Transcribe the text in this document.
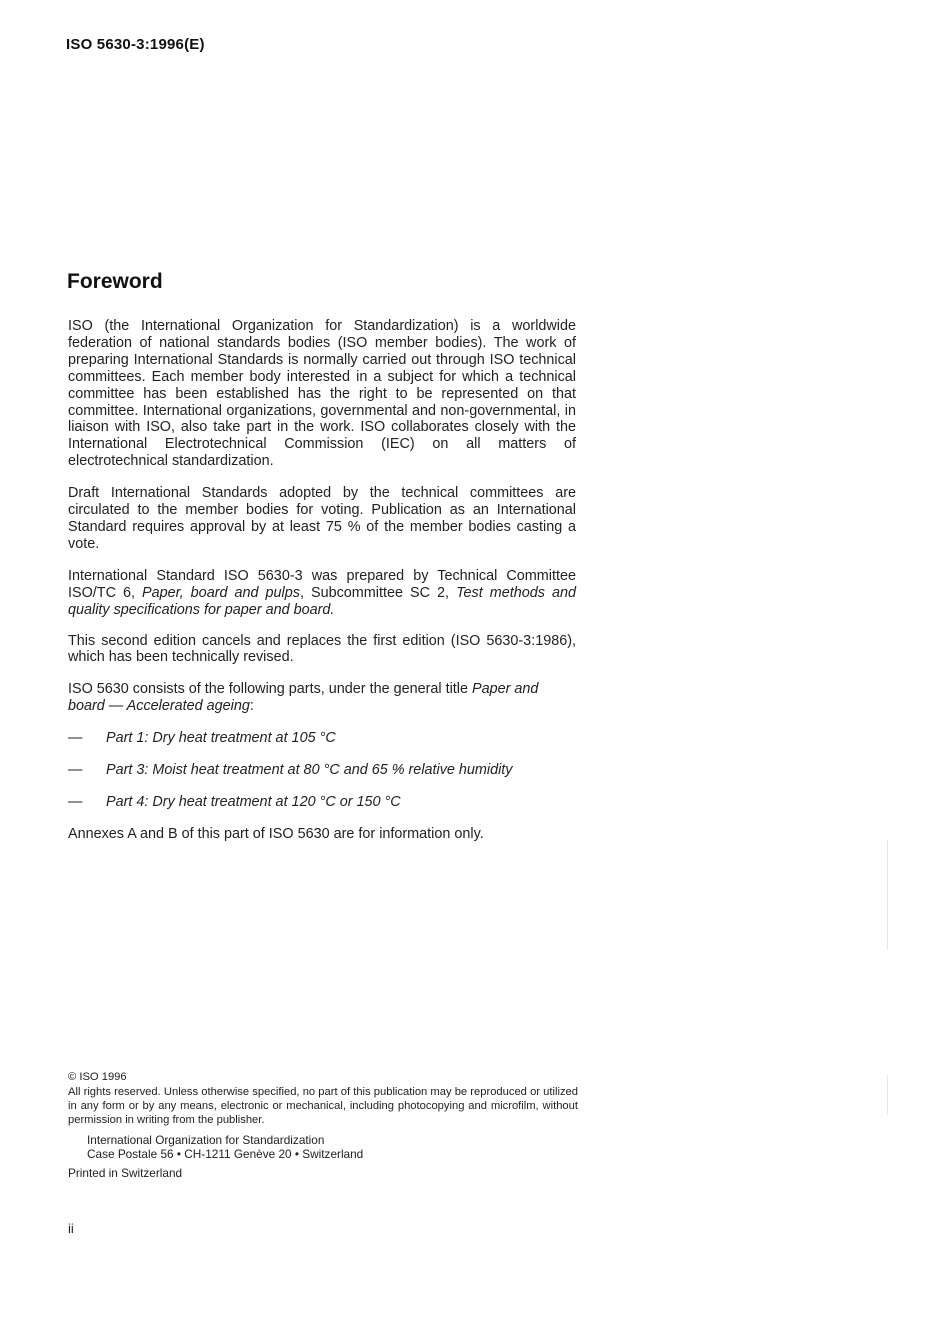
ISO 5630-3:1996(E)
Foreword

ISO (the International Organization for Standardization) is a worldwide federation of national standards bodies (ISO member bodies). The work of preparing International Standards is normally carried out through ISO technical committees. Each member body interested in a subject for which a technical committee has been established has the right to be represented on that committee. International organizations, governmental and non-governmental, in liaison with ISO, also take part in the work. ISO collaborates closely with the International Electrotechnical Commission (IEC) on all matters of electrotechnical standardization.

Draft International Standards adopted by the technical committees are circulated to the member bodies for voting. Publication as an International Standard requires approval by at least 75 % of the member bodies casting a vote.

International Standard ISO 5630-3 was prepared by Technical Committee ISO/TC 6, Paper, board and pulps, Subcommittee SC 2, Test methods and quality specifications for paper and board.

This second edition cancels and replaces the first edition (ISO 5630-3:1986), which has been technically revised.

ISO 5630 consists of the following parts, under the general title Paper and board — Accelerated ageing:

—	Part 1: Dry heat treatment at 105 °C
—	Part 3: Moist heat treatment at 80 °C and 65 % relative humidity
—	Part 4: Dry heat treatment at 120 °C or 150 °C

Annexes A and B of this part of ISO 5630 are for information only.

© ISO 1996
All rights reserved. Unless otherwise specified, no part of this publication may be reproduced or utilized in any form or by any means, electronic or mechanical, including photocopying and microfilm, without permission in writing from the publisher.
International Organization for Standardization
Case Postale 56 • CH-1211 Genève 20 • Switzerland
Printed in Switzerland
ii
